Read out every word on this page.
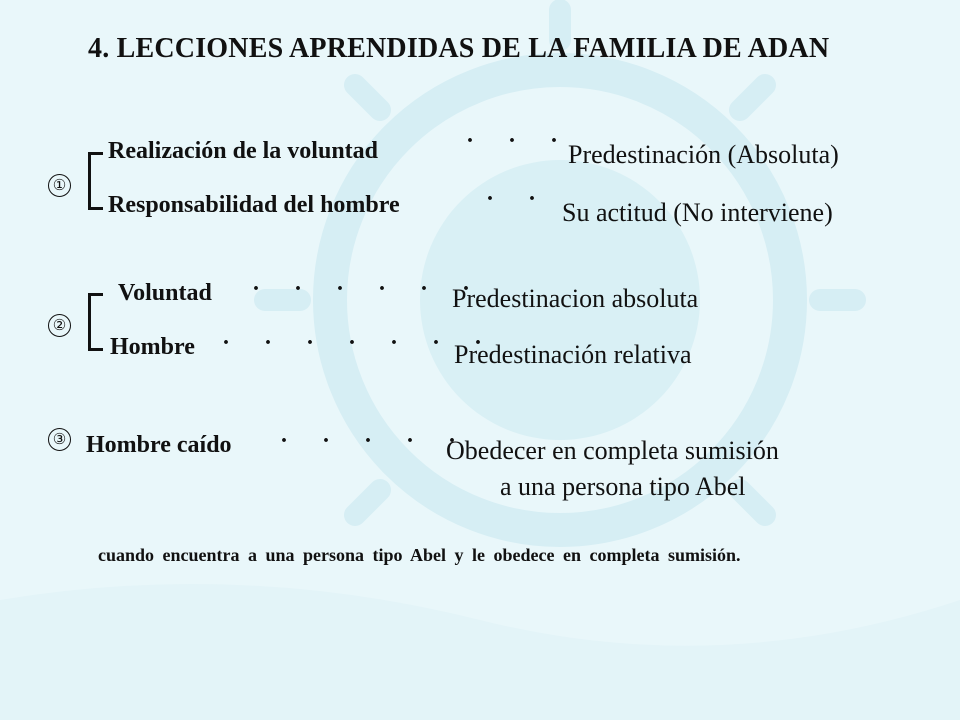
4. LECCIONES APRENDIDAS DE LA FAMILIA DE ADAN
①
Realización de la voluntad	· · ·
Predestinación (Absoluta)
Responsabilidad del hombre	· · Su actitud (No interviene)
②
Voluntad · · · · · ·
Predestinacion absoluta
Hombre · · · · · · ·
Predestinación relativa
③ Hombre caído · · · · ·
Obedecer en completa sumisión
a una persona tipo Abel
cuando encuentra a una persona tipo Abel y le obedece en completa sumisión.
